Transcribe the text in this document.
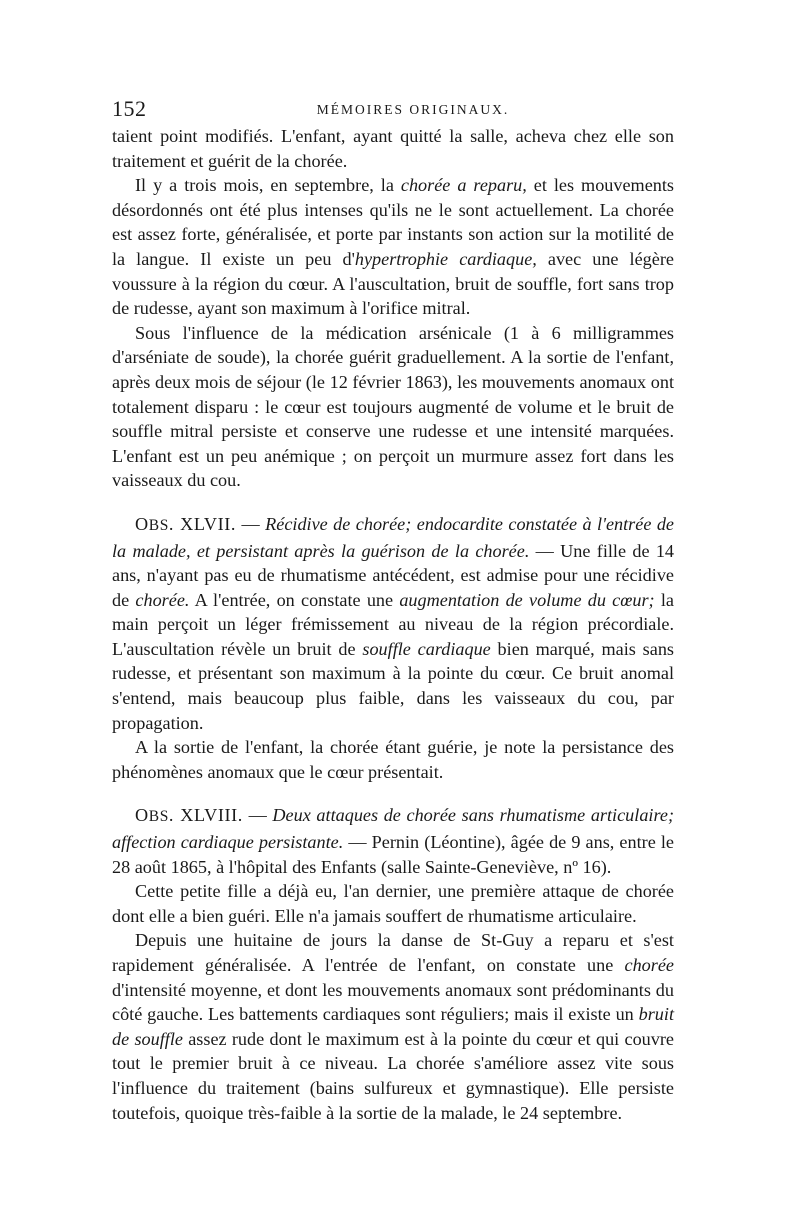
152	MÉMOIRES ORIGINAUX.

taient point modifiés. L'enfant, ayant quitté la salle, acheva chez elle son traitement et guérit de la chorée.

Il y a trois mois, en septembre, la chorée a reparu, et les mouvements désordonnés ont été plus intenses qu'ils ne le sont actuellement. La chorée est assez forte, généralisée, et porte par instants son action sur la motilité de la langue. Il existe un peu d'hypertrophie cardiaque, avec une légère voussure à la région du cœur. A l'auscultation, bruit de souffle, fort sans trop de rudesse, ayant son maximum à l'orifice mitral.

Sous l'influence de la médication arsénicale (1 à 6 milligrammes d'arséniate de soude), la chorée guérit graduellement. A la sortie de l'enfant, après deux mois de séjour (le 12 février 1863), les mouvements anomaux ont totalement disparu : le cœur est toujours augmenté de volume et le bruit de souffle mitral persiste et conserve une rudesse et une intensité marquées. L'enfant est un peu anémique ; on perçoit un murmure assez fort dans les vaisseaux du cou.

OBS. XLVII. — Récidive de chorée; endocardite constatée à l'entrée de la malade, et persistant après la guérison de la chorée. — Une fille de 14 ans, n'ayant pas eu de rhumatisme antécédent, est admise pour une récidive de chorée. A l'entrée, on constate une augmentation de volume du cœur; la main perçoit un léger frémissement au niveau de la région précordiale. L'auscultation révèle un bruit de souffle cardiaque bien marqué, mais sans rudesse, et présentant son maximum à la pointe du cœur. Ce bruit anomal s'entend, mais beaucoup plus faible, dans les vaisseaux du cou, par propagation.

A la sortie de l'enfant, la chorée étant guérie, je note la persistance des phénomènes anomaux que le cœur présentait.

OBS. XLVIII. — Deux attaques de chorée sans rhumatisme articulaire; affection cardiaque persistante. — Pernin (Léontine), âgée de 9 ans, entre le 28 août 1865, à l'hôpital des Enfants (salle Sainte-Geneviève, nº 16).

Cette petite fille a déjà eu, l'an dernier, une première attaque de chorée dont elle a bien guéri. Elle n'a jamais souffert de rhumatisme articulaire.

Depuis une huitaine de jours la danse de St-Guy a reparu et s'est rapidement généralisée. A l'entrée de l'enfant, on constate une chorée d'intensité moyenne, et dont les mouvements anomaux sont prédominants du côté gauche. Les battements cardiaques sont réguliers; mais il existe un bruit de souffle assez rude dont le maximum est à la pointe du cœur et qui couvre tout le premier bruit à ce niveau. La chorée s'améliore assez vite sous l'influence du traitement (bains sulfureux et gymnastique). Elle persiste toutefois, quoique très-faible à la sortie de la malade, le 24 septembre.
